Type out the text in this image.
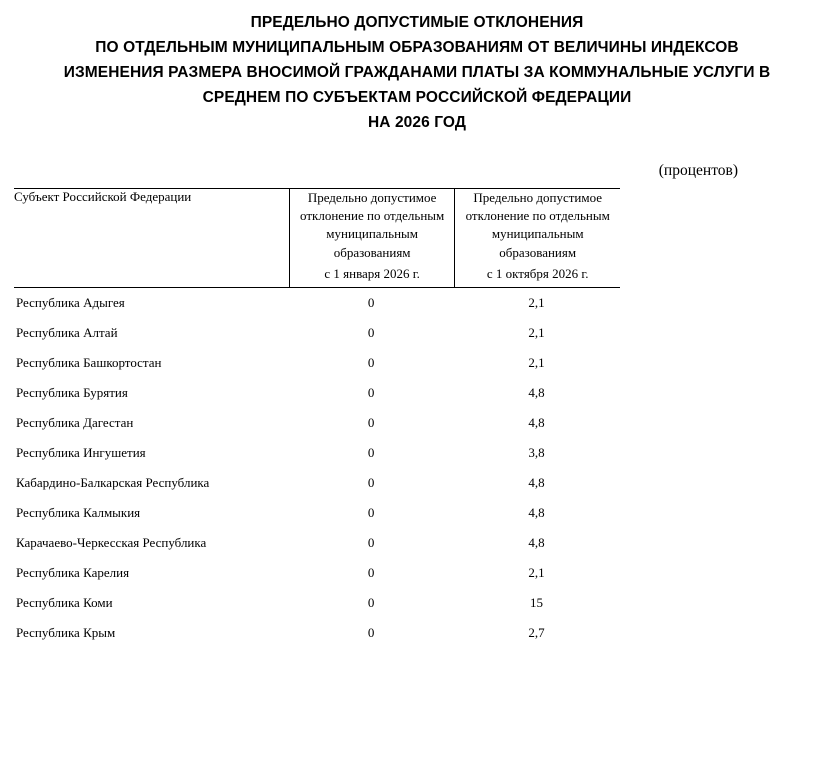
ПРЕДЕЛЬНО ДОПУСТИМЫЕ ОТКЛОНЕНИЯ
ПО ОТДЕЛЬНЫМ МУНИЦИПАЛЬНЫМ ОБРАЗОВАНИЯМ ОТ ВЕЛИЧИНЫ ИНДЕКСОВ
ИЗМЕНЕНИЯ РАЗМЕРА ВНОСИМОЙ ГРАЖДАНАМИ ПЛАТЫ ЗА КОММУНАЛЬНЫЕ УСЛУГИ В СРЕДНЕМ ПО СУБЪЕКТАМ РОССИЙСКОЙ ФЕДЕРАЦИИ
НА 2026 ГОД
(процентов)
Субъект Российской Федерации	Предельно допустимое отклонение по отдельным муниципальным образованиям	Предельно допустимое отклонение по отдельным муниципальным образованиям
	с 1 января 2026 г.	с 1 октября 2026 г.
Республика Адыгея	0	2,1
Республика Алтай	0	2,1
Республика Башкортостан	0	2,1
Республика Бурятия	0	4,8
Республика Дагестан	0	4,8
Республика Ингушетия	0	3,8
Кабардино-Балкарская Республика	0	4,8
Республика Калмыкия	0	4,8
Карачаево-Черкесская Республика	0	4,8
Республика Карелия	0	2,1
Республика Коми	0	15
Республика Крым	0	2,7
